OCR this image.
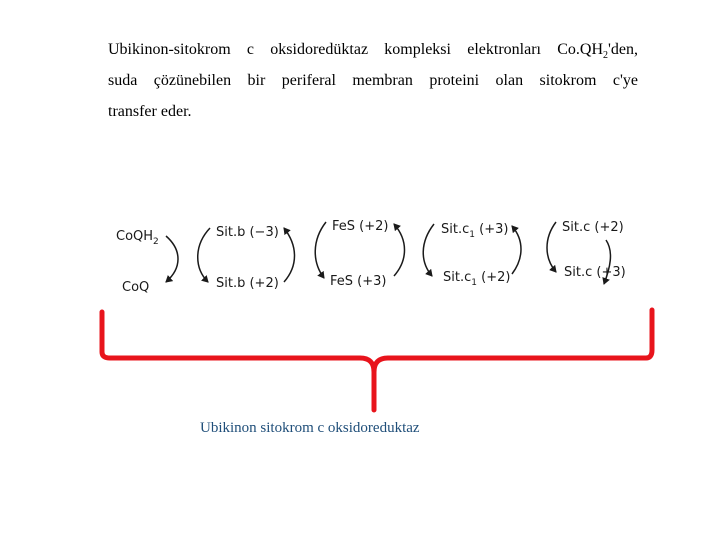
Ubikinon-sitokrom c oksidoredüktaz kompleksi elektronları $Co.QH_2'den$,
suda çözünebilen bir periferal membran proteini olan sitokrom c'ye
transfer eder.
CoQH$_2$
CoQ
Sit.b (−3)
Sit.b (+2)
FeS (+2)
FeS (+3)
$Sit.c_1$ (+3)
$Sit.c_1$ (+2)
Sit.c (+2)
Sit.c (+3)
Ubikinon sitokrom c oksidoreduktaz
